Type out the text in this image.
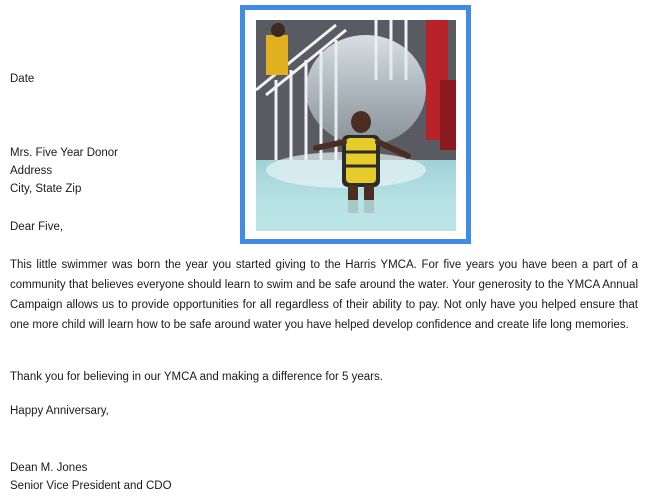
Date
Mrs. Five Year Donor
Address
City, State Zip
Dear Five,
This little swimmer was born the year you started giving to the Harris YMCA. For five years you have been a part of a community that believes everyone should learn to swim and be safe around the water. Your generosity to the YMCA Annual Campaign allows us to provide opportunities for all regardless of their ability to pay. Not only have you helped ensure that one more child will learn how to be safe around water you have helped develop confidence and create life long memories.
Thank you for believing in our YMCA and making a difference for 5 years.
Happy Anniversary,
Dean M. Jones
Senior Vice President and CDO
